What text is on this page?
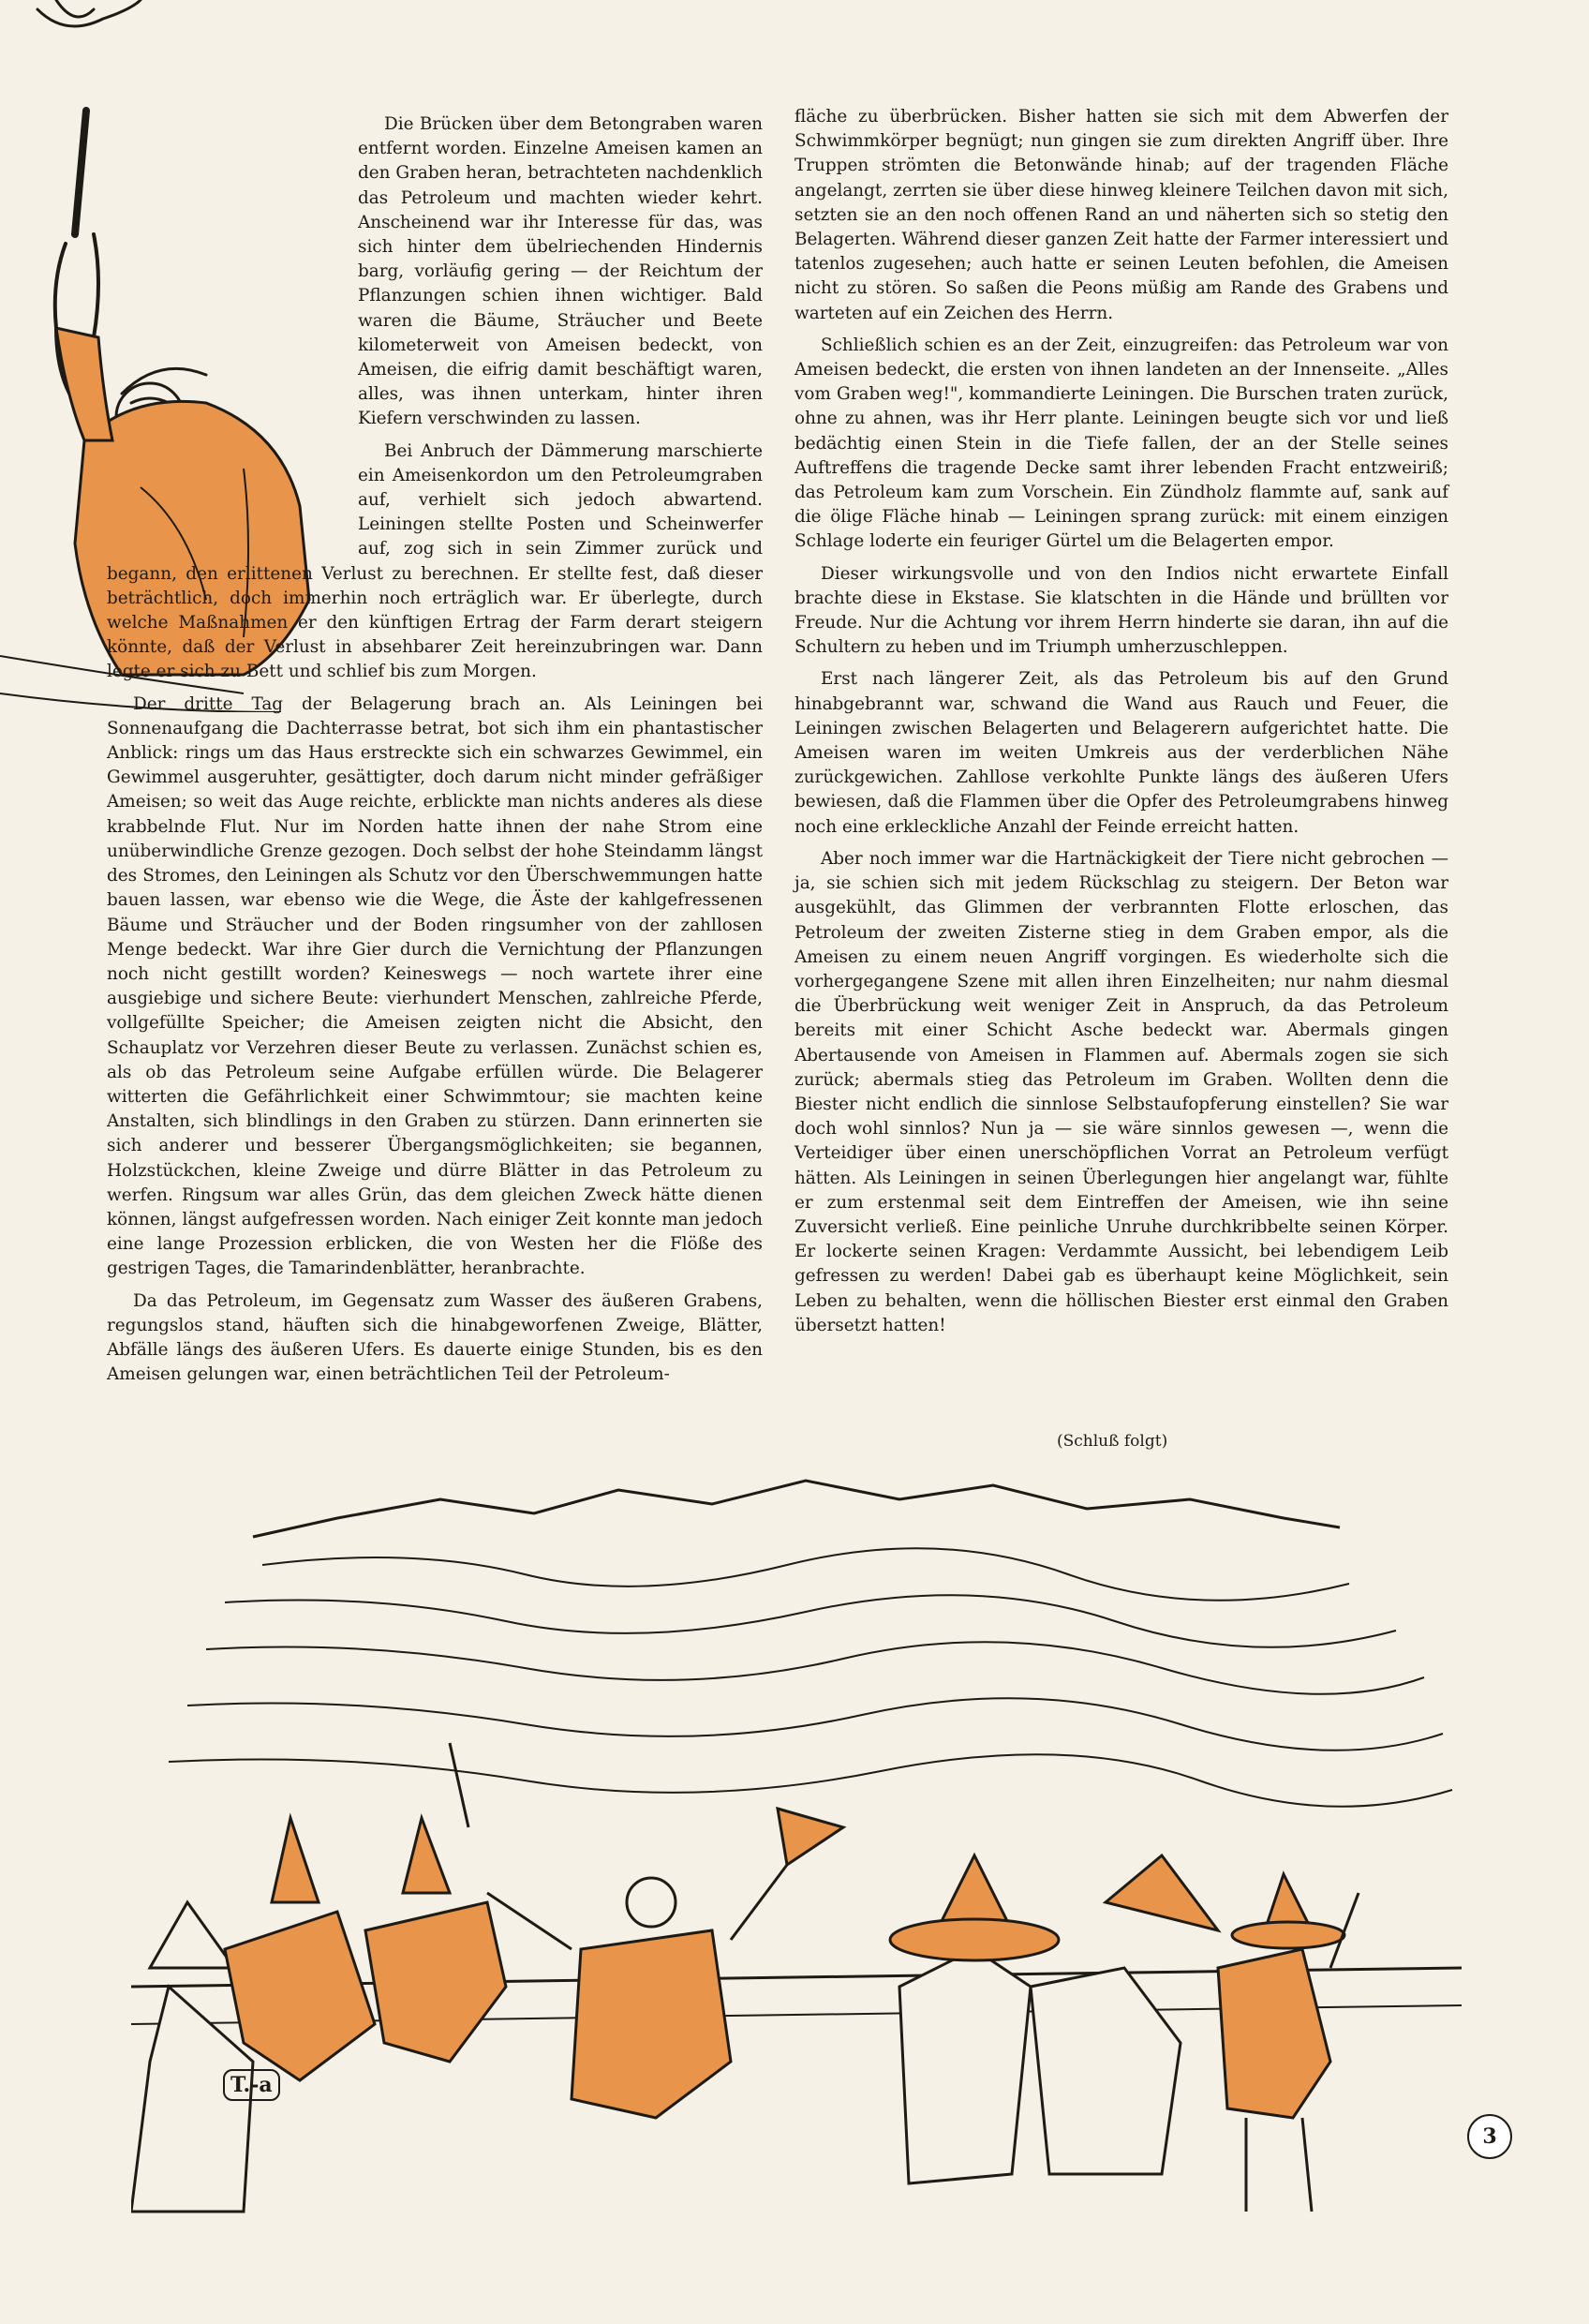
Die Brücken über dem Betongraben waren entfernt worden. Einzelne Ameisen kamen an den Graben heran, betrachteten nachdenklich das Petroleum und machten wieder kehrt. Anscheinend war ihr Interesse für das, was sich hinter dem übelriechenden Hindernis barg, vorläufig gering — der Reichtum der Pflanzungen schien ihnen wichtiger. Bald waren die Bäume, Sträucher und Beete kilometerweit von Ameisen bedeckt, von Ameisen, die eifrig damit beschäftigt waren, alles, was ihnen unterkam, hinter ihren Kiefern verschwinden zu lassen.

Bei Anbruch der Dämmerung marschierte ein Ameisenkordon um den Petroleumgraben auf, verhielt sich jedoch abwartend. Leiningen stellte Posten und Scheinwerfer auf, zog sich in sein Zimmer zurück und begann, den erlittenen Verlust zu berechnen. Er stellte fest, daß dieser beträchtlich, doch immerhin noch erträglich war. Er überlegte, durch welche Maßnahmen er den künftigen Ertrag der Farm derart steigern könnte, daß der Verlust in absehbarer Zeit hereinzubringen war. Dann legte er sich zu Bett und schlief bis zum Morgen.

Der dritte Tag der Belagerung brach an. Als Leiningen bei Sonnenaufgang die Dachterrasse betrat, bot sich ihm ein phantastischer Anblick: rings um das Haus erstreckte sich ein schwarzes Gewimmel, ein Gewimmel ausgeruhter, gesättigter, doch darum nicht minder gefräßiger Ameisen; so weit das Auge reichte, erblickte man nichts anderes als diese krabbelnde Flut. Nur im Norden hatte ihnen der nahe Strom eine unüberwindliche Grenze gezogen. Doch selbst der hohe Steindamm längst des Stromes, den Leiningen als Schutz vor den Überschwemmungen hatte bauen lassen, war ebenso wie die Wege, die Äste der kahlgefressenen Bäume und Sträucher und der Boden ringsumher von der zahllosen Menge bedeckt. War ihre Gier durch die Vernichtung der Pflanzungen noch nicht gestillt worden? Keineswegs — noch wartete ihrer eine ausgiebige und sichere Beute: vierhundert Menschen, zahlreiche Pferde, vollgefüllte Speicher; die Ameisen zeigten nicht die Absicht, den Schauplatz vor Verzehren dieser Beute zu verlassen. Zunächst schien es, als ob das Petroleum seine Aufgabe erfüllen würde. Die Belagerer witterten die Gefährlichkeit einer Schwimmtour; sie machten keine Anstalten, sich blindlings in den Graben zu stürzen. Dann erinnerten sie sich anderer und besserer Übergangsmöglichkeiten; sie begannen, Holzstückchen, kleine Zweige und dürre Blätter in das Petroleum zu werfen. Ringsum war alles Grün, das dem gleichen Zweck hätte dienen können, längst aufgefressen worden. Nach einiger Zeit konnte man jedoch eine lange Prozession erblicken, die von Westen her die Flöße des gestrigen Tages, die Tamarindenblätter, heranbrachte.

Da das Petroleum, im Gegensatz zum Wasser des äußeren Grabens, regungslos stand, häuften sich die hinabgeworfenen Zweige, Blätter, Abfälle längs des äußeren Ufers. Es dauerte einige Stunden, bis es den Ameisen gelungen war, einen beträchtlichen Teil der Petroleum-

fläche zu überbrücken. Bisher hatten sie sich mit dem Abwerfen der Schwimmkörper begnügt; nun gingen sie zum direkten Angriff über. Ihre Truppen strömten die Betonwände hinab; auf der tragenden Fläche angelangt, zerrten sie über diese hinweg kleinere Teilchen davon mit sich, setzten sie an den noch offenen Rand an und näherten sich so stetig den Belagerten. Während dieser ganzen Zeit hatte der Farmer interessiert und tatenlos zugesehen; auch hatte er seinen Leuten befohlen, die Ameisen nicht zu stören. So saßen die Peons müßig am Rande des Grabens und warteten auf ein Zeichen des Herrn.

Schließlich schien es an der Zeit, einzugreifen: das Petroleum war von Ameisen bedeckt, die ersten von ihnen landeten an der Innenseite. „Alles vom Graben weg!", kommandierte Leiningen. Die Burschen traten zurück, ohne zu ahnen, was ihr Herr plante. Leiningen beugte sich vor und ließ bedächtig einen Stein in die Tiefe fallen, der an der Stelle seines Auftreffens die tragende Decke samt ihrer lebenden Fracht entzweiriß; das Petroleum kam zum Vorschein. Ein Zündholz flammte auf, sank auf die ölige Fläche hinab — Leiningen sprang zurück: mit einem einzigen Schlage loderte ein feuriger Gürtel um die Belagerten empor.

Dieser wirkungsvolle und von den Indios nicht erwartete Einfall brachte diese in Ekstase. Sie klatschten in die Hände und brüllten vor Freude. Nur die Achtung vor ihrem Herrn hinderte sie daran, ihn auf die Schultern zu heben und im Triumph umherzuschleppen.

Erst nach längerer Zeit, als das Petroleum bis auf den Grund hinabgebrannt war, schwand die Wand aus Rauch und Feuer, die Leiningen zwischen Belagerten und Belagerern aufgerichtet hatte. Die Ameisen waren im weiten Umkreis aus der verderblichen Nähe zurückgewichen. Zahllose verkohlte Punkte längs des äußeren Ufers bewiesen, daß die Flammen über die Opfer des Petroleumgrabens hinweg noch eine erkleckliche Anzahl der Feinde erreicht hatten.

Aber noch immer war die Hartnäckigkeit der Tiere nicht gebrochen — ja, sie schien sich mit jedem Rückschlag zu steigern. Der Beton war ausgekühlt, das Glimmen der verbrannten Flotte erloschen, das Petroleum der zweiten Zisterne stieg in dem Graben empor, als die Ameisen zu einem neuen Angriff vorgingen. Es wiederholte sich die vorhergegangene Szene mit allen ihren Einzelheiten; nur nahm diesmal die Überbrückung weit weniger Zeit in Anspruch, da das Petroleum bereits mit einer Schicht Asche bedeckt war. Abermals gingen Abertausende von Ameisen in Flammen auf. Abermals zogen sie sich zurück; abermals stieg das Petroleum im Graben. Wollten denn die Biester nicht endlich die sinnlose Selbstaufopferung einstellen? Sie war doch wohl sinnlos? Nun ja — sie wäre sinnlos gewesen —, wenn die Verteidiger über einen unerschöpflichen Vorrat an Petroleum verfügt hätten. Als Leiningen in seinen Überlegungen hier angelangt war, fühlte er zum erstenmal seit dem Eintreffen der Ameisen, wie ihn seine Zuversicht verließ. Eine peinliche Unruhe durchkribbelte seinen Körper. Er lockerte seinen Kragen: Verdammte Aussicht, bei lebendigem Leib gefressen zu werden! Dabei gab es überhaupt keine Möglichkeit, sein Leben zu behalten, wenn die höllischen Biester erst einmal den Graben übersetzt hatten!

(Schluß folgt)
T.-a
3
